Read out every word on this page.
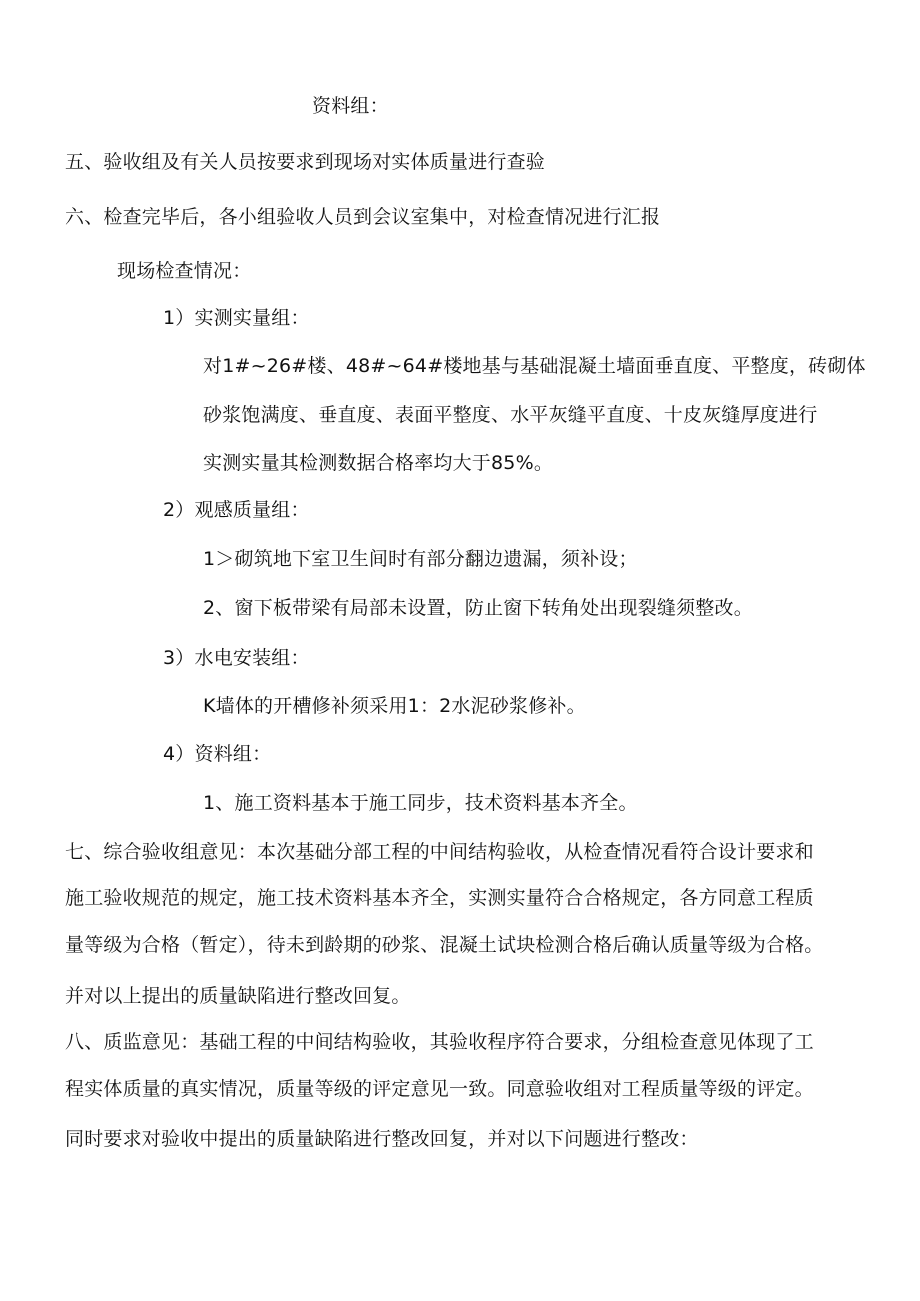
资料组：
五、验收组及有关人员按要求到现场对实体质量进行查验
六、检查完毕后，各小组验收人员到会议室集中，对检查情况进行汇报
现场检查情况：
1）实测实量组：
对1#~26#楼、48#~64#楼地基与基础混凝土墙面垂直度、平整度，砖砌体
砂浆饱满度、垂直度、表面平整度、水平灰缝平直度、十皮灰缝厚度进行
实测实量其检测数据合格率均大于85%。
2）观感质量组：
1＞砌筑地下室卫生间时有部分翻边遗漏，须补设；
2、窗下板带梁有局部未设置，防止窗下转角处出现裂缝须整改。
3）水电安装组：
K墙体的开槽修补须采用1：2水泥砂浆修补。
4）资料组：
1、施工资料基本于施工同步，技术资料基本齐全。
七、综合验收组意见：本次基础分部工程的中间结构验收，从检查情况看符合设计要求和
施工验收规范的规定，施工技术资料基本齐全，实测实量符合合格规定，各方同意工程质
量等级为合格（暂定），待未到龄期的砂浆、混凝土试块检测合格后确认质量等级为合格。
并对以上提出的质量缺陷进行整改回复。
八、质监意见：基础工程的中间结构验收，其验收程序符合要求，分组检查意见体现了工
程实体质量的真实情况，质量等级的评定意见一致。同意验收组对工程质量等级的评定。
同时要求对验收中提出的质量缺陷进行整改回复，并对以下问题进行整改：
